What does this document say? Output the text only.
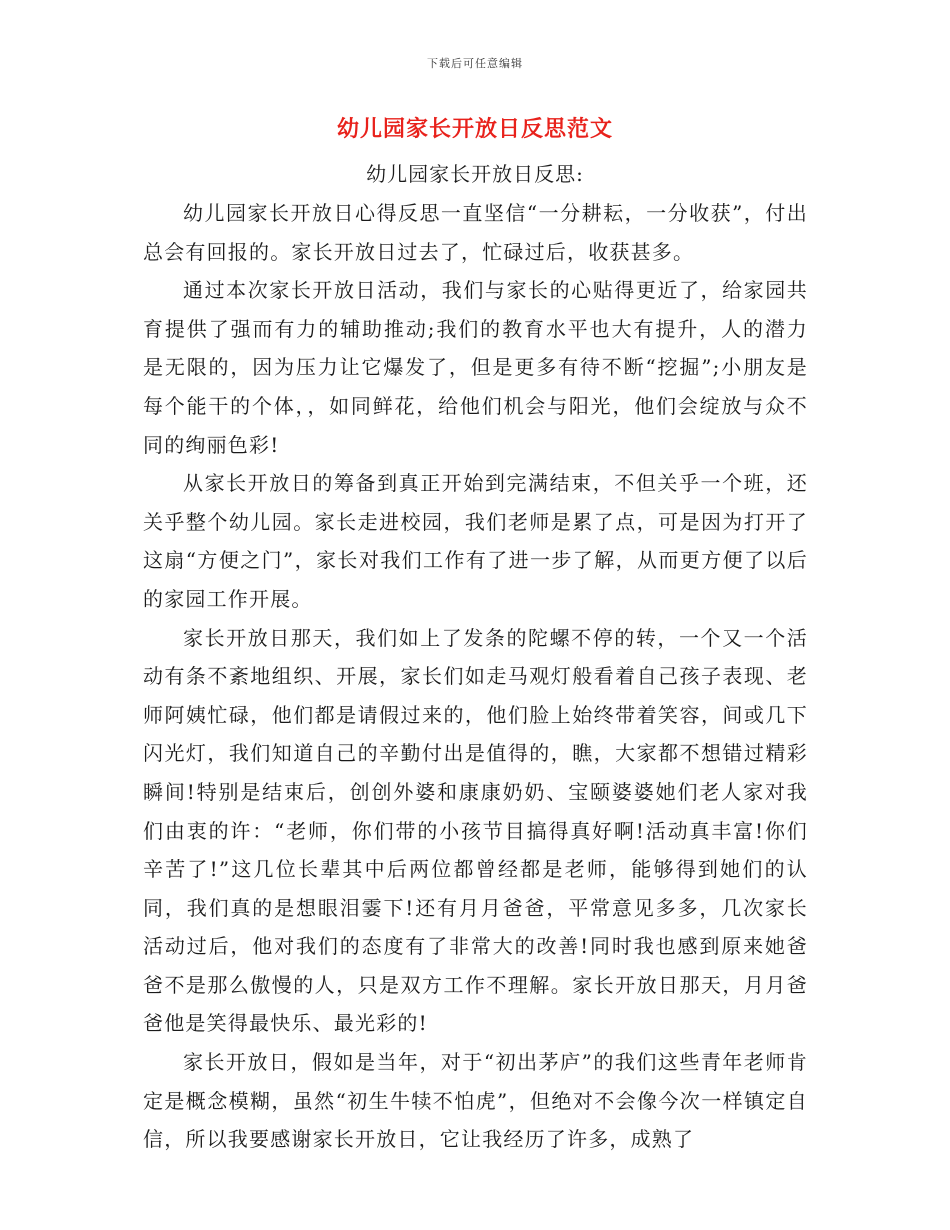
下载后可任意编辑
幼儿园家长开放日反思范文
幼儿园家长开放日反思:

幼儿园家长开放日心得反思一直坚信“一分耕耘，一分收获”，付出总会有回报的。家长开放日过去了，忙碌过后，收获甚多。

通过本次家长开放日活动，我们与家长的心贴得更近了，给家园共育提供了强而有力的辅助推动;我们的教育水平也大有提升，人的潜力是无限的，因为压力让它爆发了，但是更多有待不断“挖掘”;小朋友是每个能干的个体，，如同鲜花，给他们机会与阳光，他们会绽放与众不同的绚丽色彩!

从家长开放日的筹备到真正开始到完满结束，不但关乎一个班，还关乎整个幼儿园。家长走进校园，我们老师是累了点，可是因为打开了这扇“方便之门”，家长对我们工作有了进一步了解，从而更方便了以后的家园工作开展。

家长开放日那天，我们如上了发条的陀螺不停的转，一个又一个活动有条不紊地组织、开展，家长们如走马观灯般看着自己孩子表现、老师阿姨忙碌，他们都是请假过来的，他们脸上始终带着笑容，间或几下闪光灯，我们知道自己的辛勤付出是值得的，瞧，大家都不想错过精彩瞬间!特别是结束后，创创外婆和康康奶奶、宝颐婆婆她们老人家对我们由衷的许：“老师，你们带的小孩节目搞得真好啊!活动真丰富!你们辛苦了!”这几位长辈其中后两位都曾经都是老师，能够得到她们的认同，我们真的是想眼泪霎下!还有月月爸爸，平常意见多多，几次家长活动过后，他对我们的态度有了非常大的改善!同时我也感到原来她爸爸不是那么傲慢的人，只是双方工作不理解。家长开放日那天，月月爸爸他是笑得最快乐、最光彩的!

家长开放日，假如是当年，对于“初出茅庐”的我们这些青年老师肯定是概念模糊，虽然“初生牛犊不怕虎”，但绝对不会像今次一样镇定自信，所以我要感谢家长开放日，它让我经历了许多，成熟了
